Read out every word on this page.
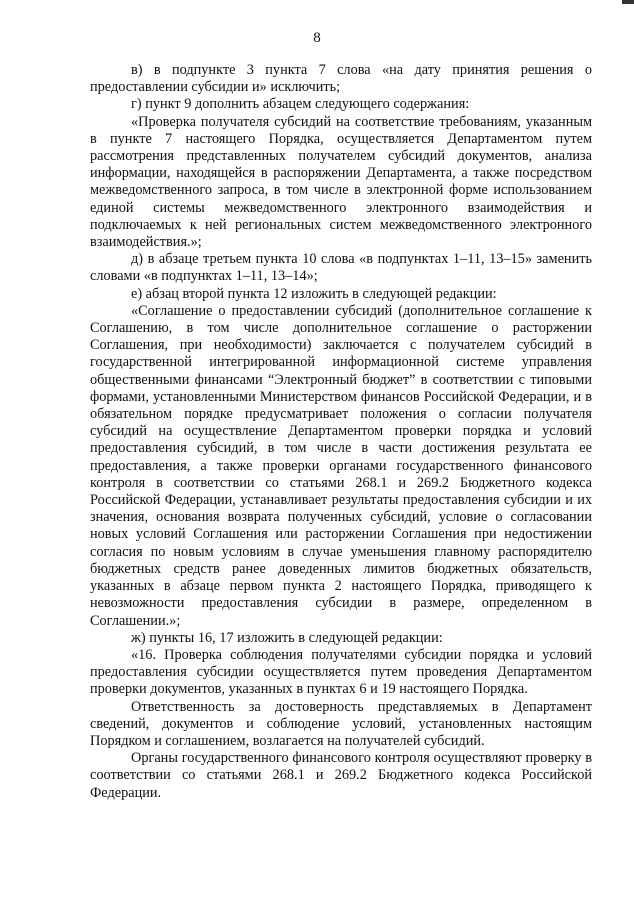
8

в) в подпункте 3 пункта 7 слова «на дату принятия решения о предоставлении субсидии и» исключить;

г) пункт 9 дополнить абзацем следующего содержания:

«Проверка получателя субсидий на соответствие требованиям, указанным в пункте 7 настоящего Порядка, осуществляется Департаментом путем рассмотрения представленных получателем субсидий документов, анализа информации, находящейся в распоряжении Департамента, а также посредством межведомственного запроса, в том числе в электронной форме использованием единой системы межведомственного электронного взаимодействия и подключаемых к ней региональных систем межведомственного электронного взаимодействия.»;

д) в абзаце третьем пункта 10 слова «в подпунктах 1–11, 13–15» заменить словами «в подпунктах 1–11, 13–14»;

е) абзац второй пункта 12 изложить в следующей редакции:

«Соглашение о предоставлении субсидий (дополнительное соглашение к Соглашению, в том числе дополнительное соглашение о расторжении Соглашения, при необходимости) заключается с получателем субсидий в государственной интегрированной информационной системе управления общественными финансами “Электронный бюджет” в соответствии с типовыми формами, установленными Министерством финансов Российской Федерации, и в обязательном порядке предусматривает положения о согласии получателя субсидий на осуществление Департаментом проверки порядка и условий предоставления субсидий, в том числе в части достижения результата ее предоставления, а также проверки органами государственного финансового контроля в соответствии со статьями 268.1 и 269.2 Бюджетного кодекса Российской Федерации, устанавливает результаты предоставления субсидии и их значения, основания возврата полученных субсидий, условие о согласовании новых условий Соглашения или расторжении Соглашения при недостижении согласия по новым условиям в случае уменьшения главному распорядителю бюджетных средств ранее доведенных лимитов бюджетных обязательств, указанных в абзаце первом пункта 2 настоящего Порядка, приводящего к невозможности предоставления субсидии в размере, определенном в Соглашении.»;

ж) пункты 16, 17 изложить в следующей редакции:

«16. Проверка соблюдения получателями субсидии порядка и условий предоставления субсидии осуществляется путем проведения Департаментом проверки документов, указанных в пунктах 6 и 19 настоящего Порядка.

Ответственность за достоверность представляемых в Департамент сведений, документов и соблюдение условий, установленных настоящим Порядком и соглашением, возлагается на получателей субсидий.

Органы государственного финансового контроля осуществляют проверку в соответствии со статьями 268.1 и 269.2 Бюджетного кодекса Российской Федерации.
